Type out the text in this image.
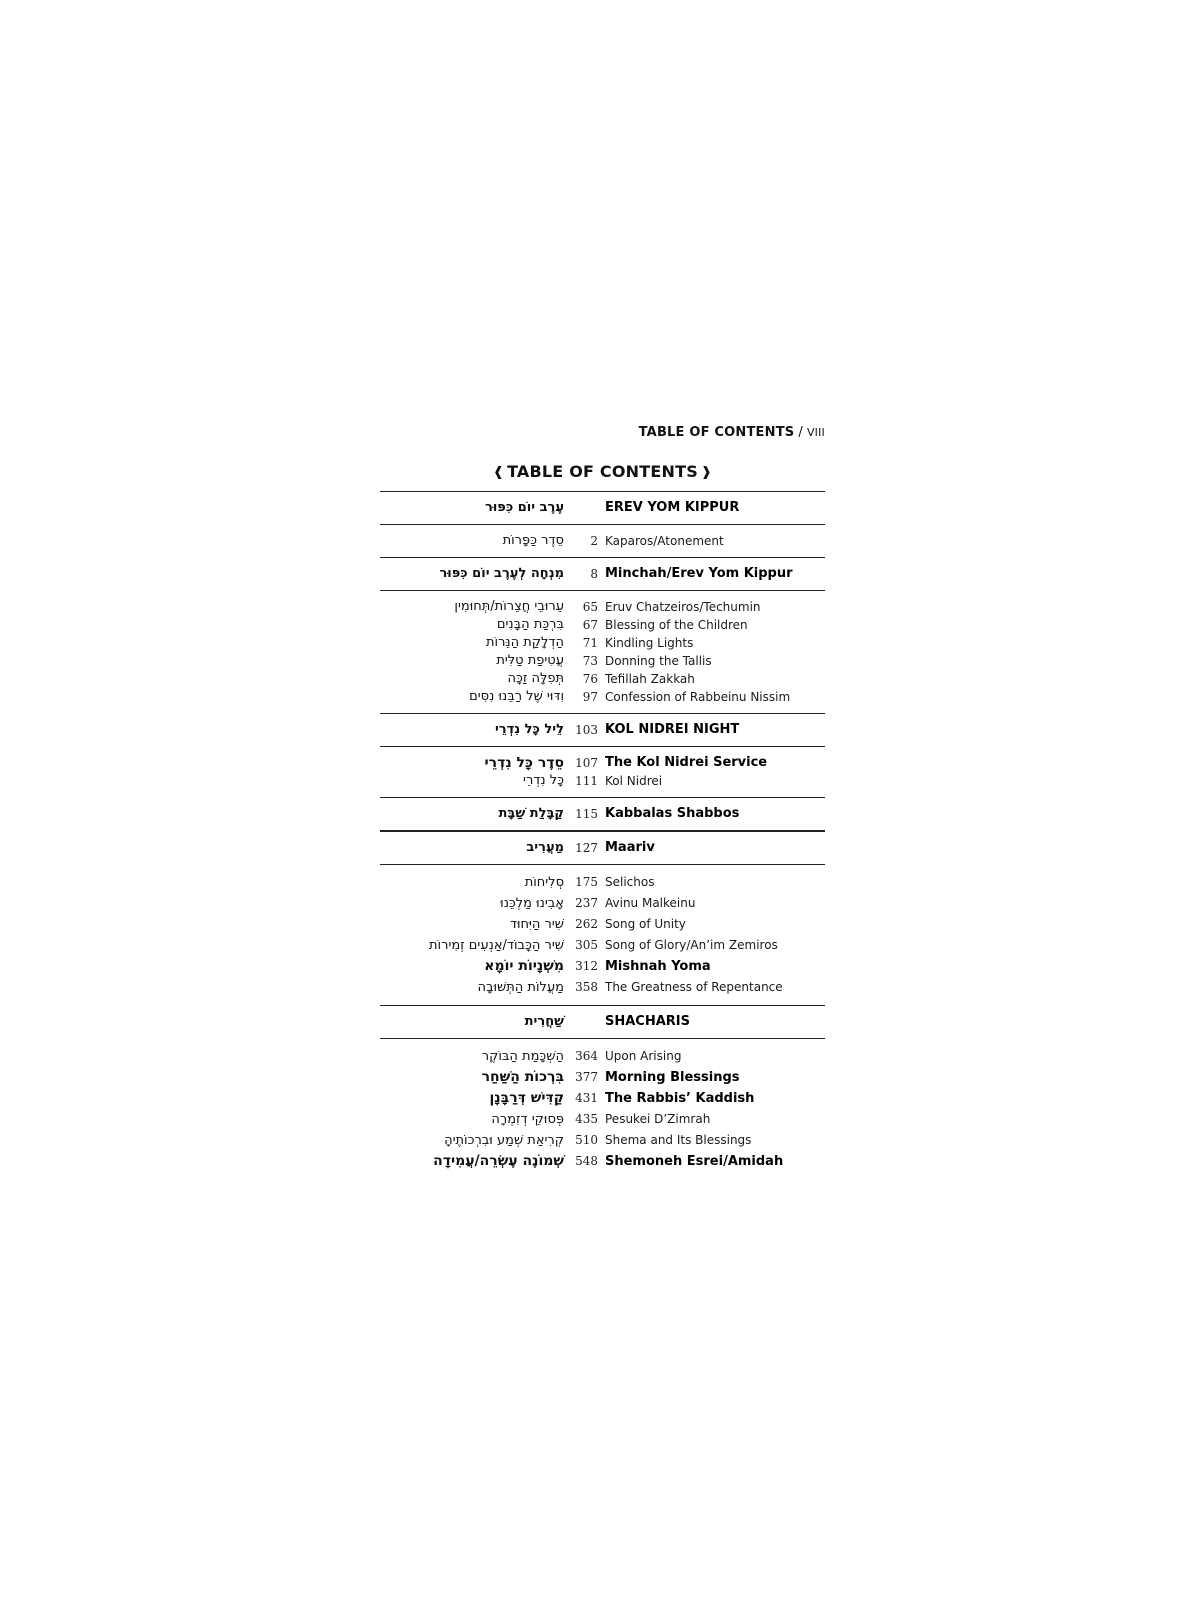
TABLE OF CONTENTS / VIII
❰ TABLE OF CONTENTS ❱
עֶרֶב יוֹם כִּפּוּר	EREV YOM KIPPUR
סֵדֶר כַּפָּרוֹת	2 Kaparos/Atonement
מִנְחָה לְעֶרֶב יוֹם כִּפּוּר	8 Minchah/Erev Yom Kippur
עֵרוּבֵי חֲצֵרוֹת/תְּחוּמִין	65 Eruv Chatzeiros/Techumin
בִּרְכַּת הַבָּנִים	67 Blessing of the Children
הַדְלָקַת הַנֵּרוֹת	71 Kindling Lights
עֲטִיפַת טַלִּית	73 Donning the Tallis
תְּפִלָּה זַכָּה	76 Tefillah Zakkah
וִדּוּי שֶׁל רַבֵּנוּ נִסִּים	97 Confession of Rabbeinu Nissim
לֵיל כָּל נִדְרֵי 103 KOL NIDREI NIGHT
סֵדֶר כָּל נִדְרֵי 107 The Kol Nidrei Service
כָּל נִדְרֵי 111 Kol Nidrei
קַבָּלַת שַׁבָּת 115 Kabbalas Shabbos
מַעֲרִיב 127 Maariv
סְלִיחוֹת 175 Selichos
אָבִינוּ מַלְכֵּנוּ 237 Avinu Malkeinu
שִׁיר הַיִּחוּד 262 Song of Unity
שִׁיר הַכָּבוֹד/אַנְעִים זְמִירוֹת 305 Song of Glory/An’im Zemiros
מִשְׁנָיוֹת יוֹמָא 312 Mishnah Yoma
מַעֲלוֹת הַתְּשׁוּבָה 358 The Greatness of Repentance
שַׁחֲרִית	SHACHARIS
הַשְׁכָּמַת הַבּוֹקֶר 364 Upon Arising
בִּרְכוֹת הַשַּׁחַר 377 Morning Blessings
קַדִּישׁ דְּרַבָּנָן 431 The Rabbis’ Kaddish
פְּסוּקֵי דְזִמְרָה 435 Pesukei D’Zimrah
קְרִיאַת שְׁמַע וּבִרְכוֹתֶיהָ 510 Shema and Its Blessings
שְׁמוֹנֶה עֶשְׂרֵה/עֲמִידָה 548 Shemoneh Esrei/Amidah
